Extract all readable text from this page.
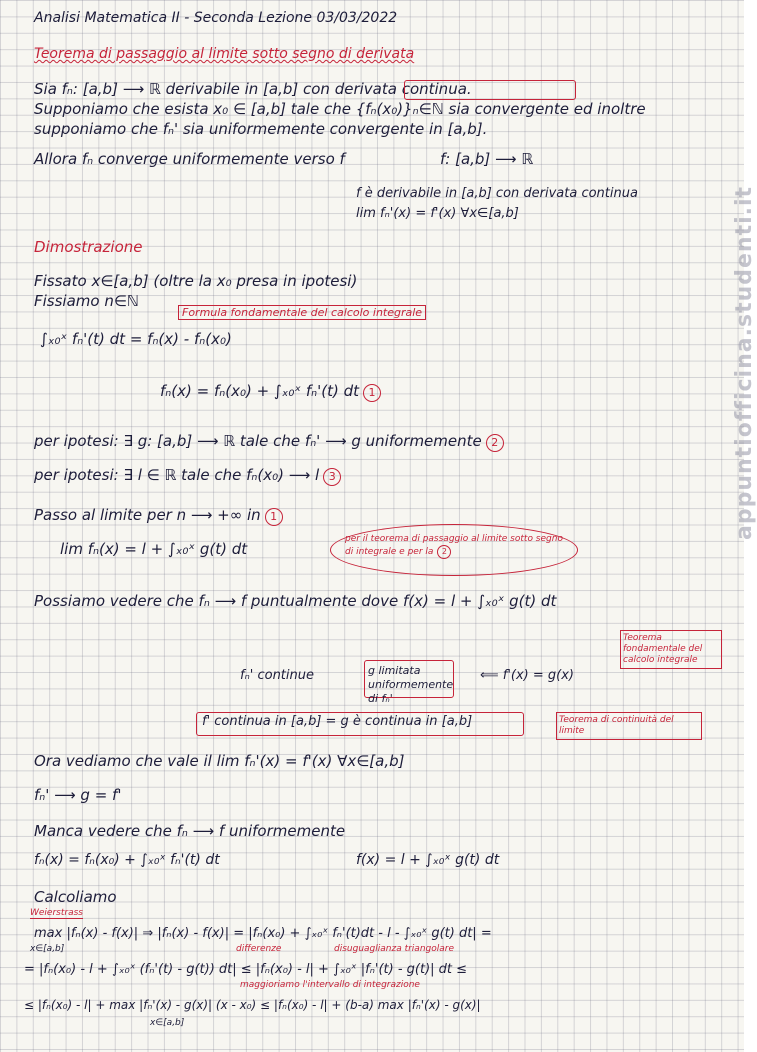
Analisi Matematica II - Seconda Lezione 03/03/2022
Teorema di passaggio al limite sotto segno di derivata
Sia fₙ: [a,b] ⟶ ℝ derivabile in [a,b] con derivata continua.
Supponiamo che esista x₀ ∈ [a,b] tale che {fₙ(x₀)}ₙ∈ℕ sia convergente ed inoltre
supponiamo che fₙ' sia uniformemente convergente in [a,b].
Allora fₙ converge uniformemente verso f	f: [a,b] ⟶ ℝ
f è derivabile in [a,b] con derivata continua
lim fₙ'(x) = f'(x) ∀x∈[a,b]
Dimostrazione
Fissato x∈[a,b] (oltre la x₀ presa in ipotesi)
Fissiamo n∈ℕ
Formula fondamentale del calcolo integrale
∫ₓ₀ˣ fₙ'(t) dt = fₙ(x) - fₙ(x₀)
fₙ(x) = fₙ(x₀) + ∫ₓ₀ˣ fₙ'(t) dt 1
per ipotesi: ∃ g: [a,b] ⟶ ℝ tale che fₙ' ⟶ g uniformemente 2
per ipotesi: ∃ l ∈ ℝ tale che fₙ(x₀) ⟶ l 3
Passo al limite per n ⟶ +∞ in 1
lim fₙ(x) = l + ∫ₓ₀ˣ g(t) dt
per il teorema di passaggio al limite sotto segno di integrale e per la 2
Possiamo vedere che fₙ ⟶ f puntualmente dove f(x) = l + ∫ₓ₀ˣ g(t) dt
Teorema fondamentale del calcolo integrale
fₙ' continue	g limitata uniformemente di fₙ'
⟸ f'(x) = g(x)
f' continua in [a,b] = g è continua in [a,b]	Teorema di continuità del limite
Ora vediamo che vale il lim fₙ'(x) = f'(x) ∀x∈[a,b]
fₙ' ⟶ g = f'
Manca vedere che fₙ ⟶ f uniformemente
fₙ(x) = fₙ(x₀) + ∫ₓ₀ˣ fₙ'(t) dt	f(x) = l + ∫ₓ₀ˣ g(t) dt
Calcoliamo
Weierstrass
max |fₙ(x) - f(x)| ⇒ |fₙ(x) - f(x)| = |fₙ(x₀) + ∫ₓ₀ˣ fₙ'(t)dt - l - ∫ₓ₀ˣ g(t) dt| =
x∈[a,b]	differenze	disuguaglianza triangolare
= |fₙ(x₀) - l + ∫ₓ₀ˣ (fₙ'(t) - g(t)) dt| ≤ |fₙ(x₀) - l| + ∫ₓ₀ˣ |fₙ'(t) - g(t)| dt ≤
maggioriamo l'intervallo di integrazione
≤ |fₙ(x₀) - l| + max |fₙ'(x) - g(x)| (x - x₀) ≤ |fₙ(x₀) - l| + (b-a) max |fₙ'(x) - g(x)|
x∈[a,b]
appuntiofficina.studenti.it
